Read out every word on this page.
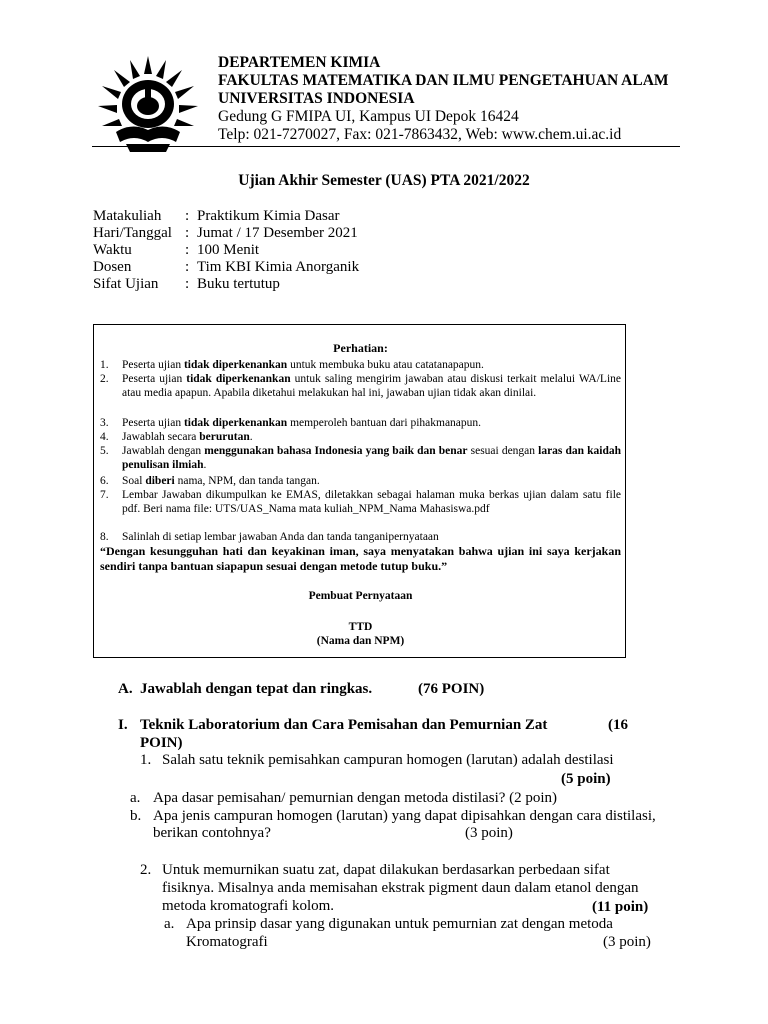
DEPARTEMEN KIMIA
FAKULTAS MATEMATIKA DAN ILMU PENGETAHUAN ALAM
UNIVERSITAS INDONESIA
Gedung G FMIPA UI, Kampus UI Depok 16424
Telp: 021-7270027, Fax: 021-7863432, Web: www.chem.ui.ac.id
Ujian Akhir Semester (UAS) PTA 2021/2022
Matakuliah : Praktikum Kimia Dasar
Hari/Tanggal : Jumat / 17 Desember 2021
Waktu	: 100 Menit
Dosen	: Tim KBI Kimia Anorganik
Sifat Ujian : Buku tertutup
Perhatian:
1. Peserta ujian tidak diperkenankan untuk membuka buku atau catatanapapun.
2. Peserta ujian tidak diperkenankan untuk saling mengirim jawaban atau diskusi terkait melalui WA/Line atau media apapun. Apabila diketahui melakukan hal ini, jawaban ujian tidak akan dinilai.
3. Peserta ujian tidak diperkenankan memperoleh bantuan dari pihakmanapun.
4. Jawablah secara berurutan.
5. Jawablah dengan menggunakan bahasa Indonesia yang baik dan benar sesuai dengan laras dan kaidah penulisan ilmiah.
6. Soal diberi nama, NPM, dan tanda tangan.
7. Lembar Jawaban dikumpulkan ke EMAS, diletakkan sebagai halaman muka berkas ujian dalam satu file pdf. Beri nama file: UTS/UAS_Nama mata kuliah_NPM_Nama Mahasiswa.pdf
8. Salinlah di setiap lembar jawaban Anda dan tanda tanganipernyataan
“Dengan kesungguhan hati dan keyakinan iman, saya menyatakan bahwa ujian ini saya kerjakan sendiri tanpa bantuan siapapun sesuai dengan metode tutup buku.”
Pembuat Pernyataan
TTD
(Nama dan NPM)
A. Jawablah dengan tepat dan ringkas.	(76 POIN)
I. Teknik Laboratorium dan Cara Pemisahan dan Pemurnian Zat	(16
POIN)
1. Salah satu teknik pemisahkan campuran homogen (larutan) adalah destilasi
(5 poin)
a. Apa dasar pemisahan/ pemurnian dengan metoda distilasi? (2 poin)
b. Apa jenis campuran homogen (larutan) yang dapat dipisahkan dengan cara distilasi,
berikan contohnya?	(3 poin)
2. Untuk memurnikan suatu zat, dapat dilakukan berdasarkan perbedaan sifat
fisiknya. Misalnya anda memisahan ekstrak pigment daun dalam etanol dengan
metoda kromatografi kolom.	(11 poin)
a. Apa prinsip dasar yang digunakan untuk pemurnian zat dengan metoda
Kromatografi	(3 poin)
